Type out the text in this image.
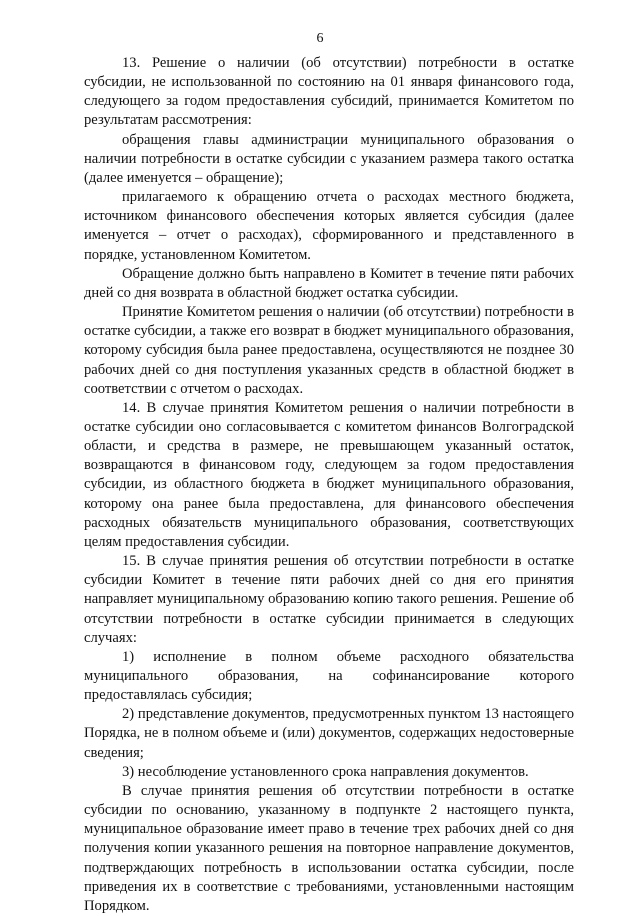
6

13. Решение о наличии (об отсутствии) потребности в остатке субсидии, не использованной по состоянию на 01 января финансового года, следующего за годом предоставления субсидий, принимается Комитетом по результатам рассмотрения:

обращения главы администрации муниципального образования о наличии потребности в остатке субсидии с указанием размера такого остатка (далее именуется – обращение);

прилагаемого к обращению отчета о расходах местного бюджета, источником финансового обеспечения которых является субсидия (далее именуется – отчет о расходах), сформированного и представленного в порядке, установленном Комитетом.

Обращение должно быть направлено в Комитет в течение пяти рабочих дней со дня возврата в областной бюджет остатка субсидии.

Принятие Комитетом решения о наличии (об отсутствии) потребности в остатке субсидии, а также его возврат в бюджет муниципального образования, которому субсидия была ранее предоставлена, осуществляются не позднее 30 рабочих дней со дня поступления указанных средств в областной бюджет в соответствии с отчетом о расходах.

14. В случае принятия Комитетом решения о наличии потребности в остатке субсидии оно согласовывается с комитетом финансов Волгоградской области, и средства в размере, не превышающем указанный остаток, возвращаются в финансовом году, следующем за годом предоставления субсидии, из областного бюджета в бюджет муниципального образования, которому она ранее была предоставлена, для финансового обеспечения расходных обязательств муниципального образования, соответствующих целям предоставления субсидии.

15. В случае принятия решения об отсутствии потребности в остатке субсидии Комитет в течение пяти рабочих дней со дня его принятия направляет муниципальному образованию копию такого решения. Решение об отсутствии потребности в остатке субсидии принимается в следующих случаях:

1) исполнение в полном объеме расходного обязательства муниципального образования, на софинансирование которого предоставлялась субсидия;

2) представление документов, предусмотренных пунктом 13 настоящего Порядка, не в полном объеме и (или) документов, содержащих недостоверные сведения;

3) несоблюдение установленного срока направления документов.

В случае принятия решения об отсутствии потребности в остатке субсидии по основанию, указанному в подпункте 2 настоящего пункта, муниципальное образование имеет право в течение трех рабочих дней со дня получения копии указанного решения на повторное направление документов, подтверждающих потребность в использовании остатка субсидии, после приведения их в соответствие с требованиями, установленными настоящим Порядком.
